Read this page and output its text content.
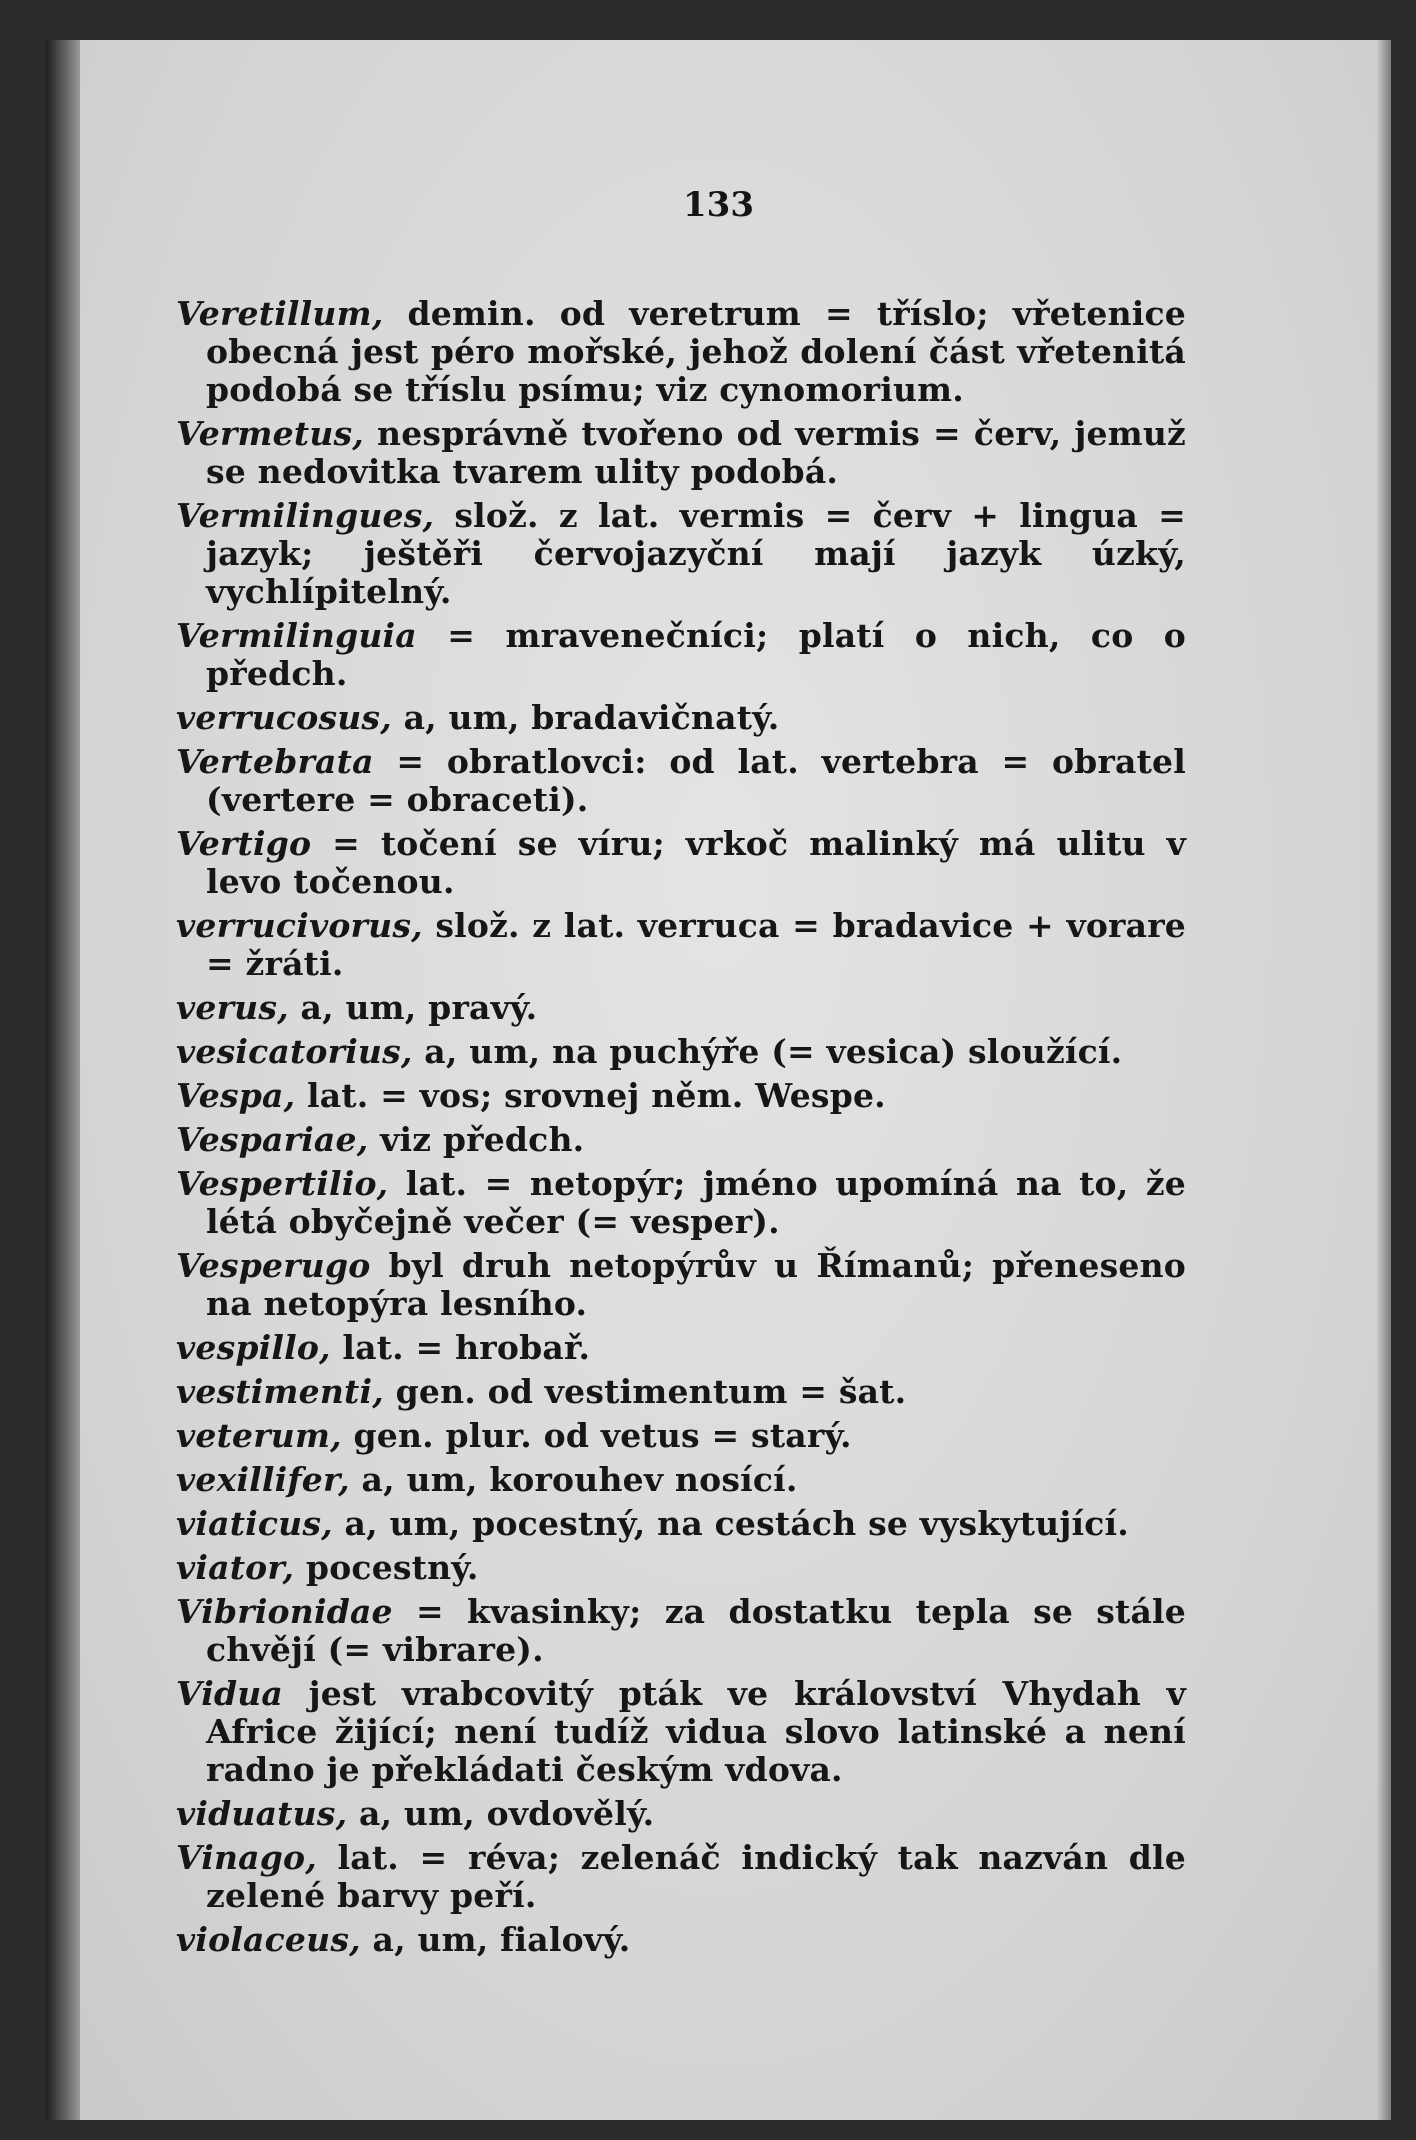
133
Veretillum, demin. od veretrum = tříslo; vřetenice obecná jest péro mořské, jehož dolení část vřetenitá podobá se tříslu psímu; viz cynomorium.
Vermetus, nesprávně tvořeno od vermis = červ, jemuž se nedovitka tvarem ulity podobá.
Vermilingues, slož. z lat. vermis = červ + lingua = jazyk; ještěři červojazyční mají jazyk úzký, vychlípitelný.
Vermilinguia = mravenečníci; platí o nich, co o předch.
verrucosus, a, um, bradavičnatý.
Vertebrata = obratlovci: od lat. vertebra = obratel (vertere = obraceti).
Vertigo = točení se víru; vrkoč malinký má ulitu v levo točenou.
verrucivorus, slož. z lat. verruca = bradavice + vorare = žráti.
verus, a, um, pravý.
vesicatorius, a, um, na puchýře (= vesica) sloužící.
Vespa, lat. = vos; srovnej něm. Wespe.
Vespariae, viz předch.
Vespertilio, lat. = netopýr; jméno upomíná na to, že létá obyčejně večer (= vesper).
Vesperugo byl druh netopýrův u Římanů; přeneseno na netopýra lesního.
vespillo, lat. = hrobař.
vestimenti, gen. od vestimentum = šat.
veterum, gen. plur. od vetus = starý.
vexillifer, a, um, korouhev nosící.
viaticus, a, um, pocestný, na cestách se vyskytující.
viator, pocestný.
Vibrionidae = kvasinky; za dostatku tepla se stále chvějí (= vibrare).
Vidua jest vrabcovitý pták ve království Vhydah v Africe žijící; není tudíž vidua slovo latinské a není radno je překládati českým vdova.
viduatus, a, um, ovdovělý.
Vinago, lat. = réva; zelenáč indický tak nazván dle zelené barvy peří.
violaceus, a, um, fialový.
